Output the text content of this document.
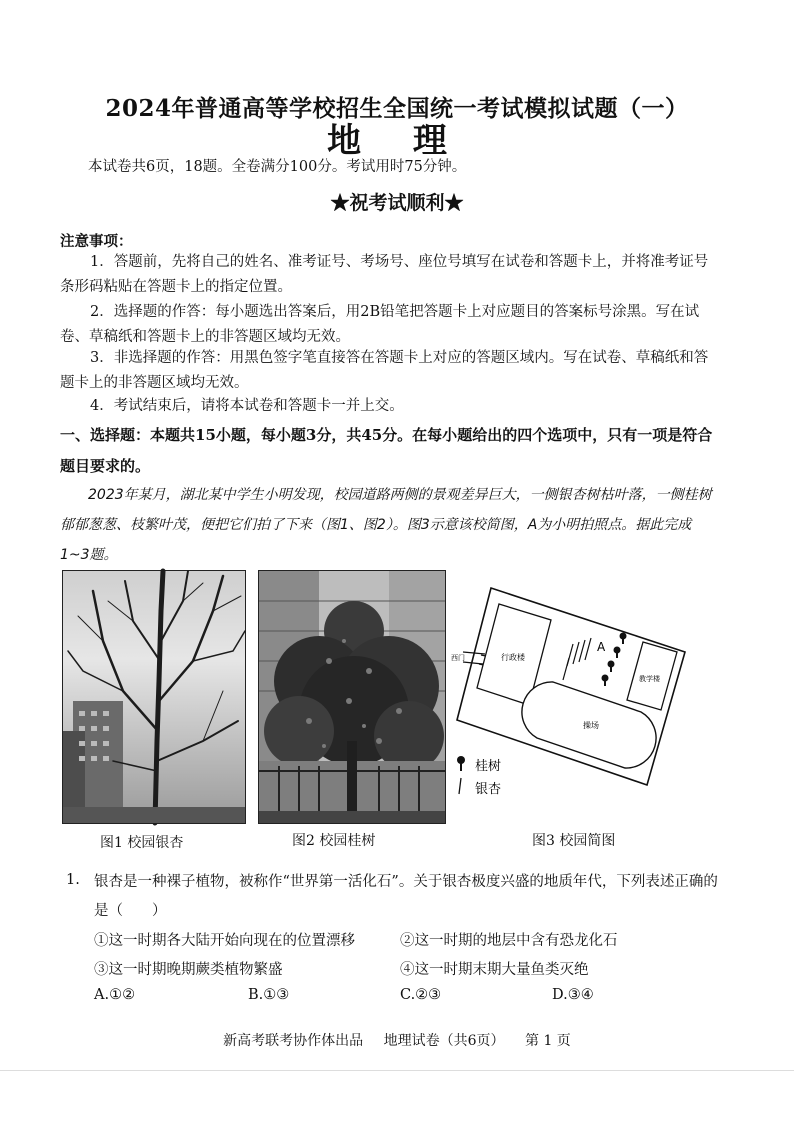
2024年普通高等学校招生全国统一考试模拟试题（一）
地 理
本试卷共6页，18题。全卷满分100分。考试用时75分钟。
★祝考试顺利★
注意事项：
1．答题前，先将自己的姓名、准考证号、考场号、座位号填写在试卷和答题卡上，并将准考证号条形码粘贴在答题卡上的指定位置。
2．选择题的作答：每小题选出答案后，用2B铅笔把答题卡上对应题目的答案标号涂黑。写在试卷、草稿纸和答题卡上的非答题区域均无效。
3．非选择题的作答：用黑色签字笔直接答在答题卡上对应的答题区域内。写在试卷、草稿纸和答题卡上的非答题区域均无效。
4．考试结束后，请将本试卷和答题卡一并上交。
一、选择题：本题共15小题，每小题3分，共45分。在每小题给出的四个选项中，只有一项是符合题目要求的。
2023年某月，湖北某中学生小明发现，校园道路两侧的景观差异巨大，一侧银杏树枯叶落，一侧桂树郁郁葱葱、枝繁叶茂，便把它们拍了下来（图1、图2）。图3示意该校简图，A为小明拍照点。据此完成1~3题。
图1 校园银杏	图2 校园桂树
A
西门	行政楼
教学楼
操场
桂树
银杏
图3 校园简图
1. 银杏是一种裸子植物，被称作“世界第一活化石”。关于银杏极度兴盛的地质年代，下列表述正确的是（　　）
①这一时期各大陆开始向现在的位置漂移	②这一时期的地层中含有恐龙化石
③这一时期晚期蕨类植物繁盛	④这一时期末期大量鱼类灭绝
A.①②	B.①③	C.②③	D.③④
新高考联考协作体出品 地理试卷（共6页） 第 1 页
